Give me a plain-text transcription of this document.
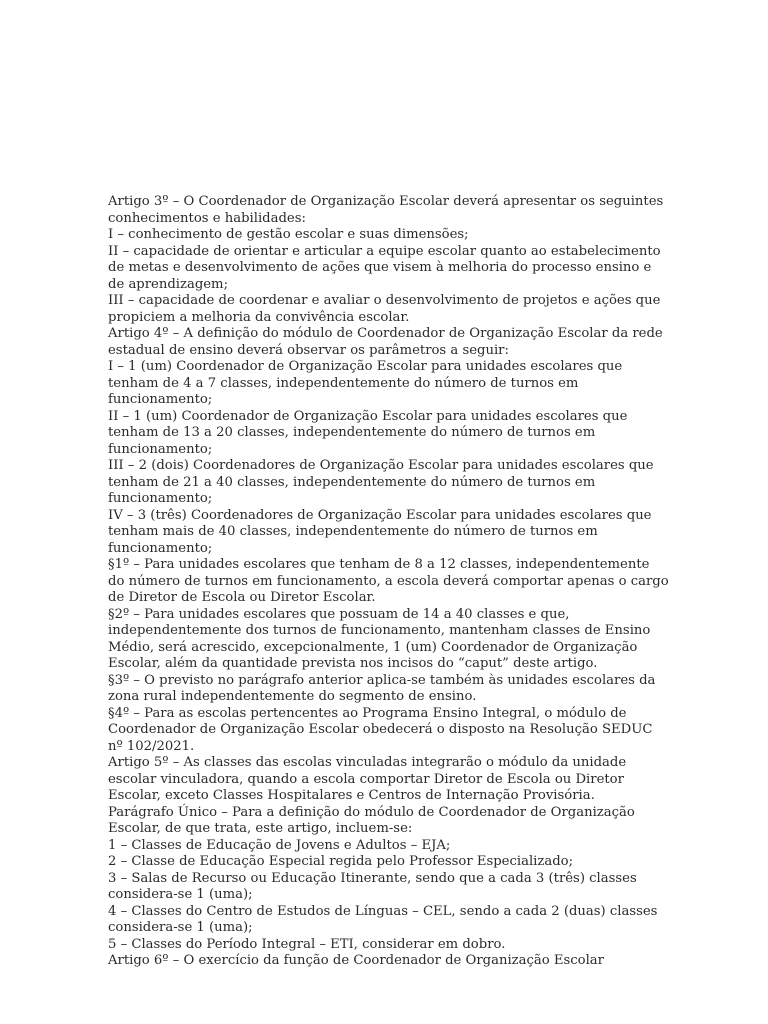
Artigo 3º – O Coordenador de Organização Escolar deverá apresentar os seguintes conhecimentos e habilidades:

I – conhecimento de gestão escolar e suas dimensões;

II – capacidade de orientar e articular a equipe escolar quanto ao estabelecimento de metas e desenvolvimento de ações que visem à melhoria do processo ensino e de aprendizagem;

III – capacidade de coordenar e avaliar o desenvolvimento de projetos e ações que propiciem a melhoria da convivência escolar.

Artigo 4º – A definição do módulo de Coordenador de Organização Escolar da rede estadual de ensino deverá observar os parâmetros a seguir:

I – 1 (um) Coordenador de Organização Escolar para unidades escolares que tenham de 4 a 7 classes, independentemente do número de turnos em funcionamento;

II – 1 (um) Coordenador de Organização Escolar para unidades escolares que tenham de 13 a 20 classes, independentemente do número de turnos em funcionamento;

III – 2 (dois) Coordenadores de Organização Escolar para unidades escolares que tenham de 21 a 40 classes, independentemente do número de turnos em funcionamento;

IV – 3 (três) Coordenadores de Organização Escolar para unidades escolares que tenham mais de 40 classes, independentemente do número de turnos em funcionamento;

§1º – Para unidades escolares que tenham de 8 a 12 classes, independentemente do número de turnos em funcionamento, a escola deverá comportar apenas o cargo de Diretor de Escola ou Diretor Escolar.

§2º – Para unidades escolares que possuam de 14 a 40 classes e que, independentemente dos turnos de funcionamento, mantenham classes de Ensino Médio, será acrescido, excepcionalmente, 1 (um) Coordenador de Organização Escolar, além da quantidade prevista nos incisos do “caput” deste artigo.

§3º – O previsto no parágrafo anterior aplica-se também às unidades escolares da zona rural independentemente do segmento de ensino.

§4º – Para as escolas pertencentes ao Programa Ensino Integral, o módulo de Coordenador de Organização Escolar obedecerá o disposto na Resolução SEDUC nº 102/2021.

Artigo 5º – As classes das escolas vinculadas integrarão o módulo da unidade escolar vinculadora, quando a escola comportar Diretor de Escola ou Diretor Escolar, exceto Classes Hospitalares e Centros de Internação Provisória.

Parágrafo Único – Para a definição do módulo de Coordenador de Organização Escolar, de que trata, este artigo, incluem-se:

1 – Classes de Educação de Jovens e Adultos – EJA;

2 – Classe de Educação Especial regida pelo Professor Especializado;

3 – Salas de Recurso ou Educação Itinerante, sendo que a cada 3 (três) classes considera-se 1 (uma);

4 – Classes do Centro de Estudos de Línguas – CEL, sendo a cada 2 (duas) classes considera-se 1 (uma);

5 – Classes do Período Integral – ETI, considerar em dobro.

Artigo 6º – O exercício da função de Coordenador de Organização Escolar
